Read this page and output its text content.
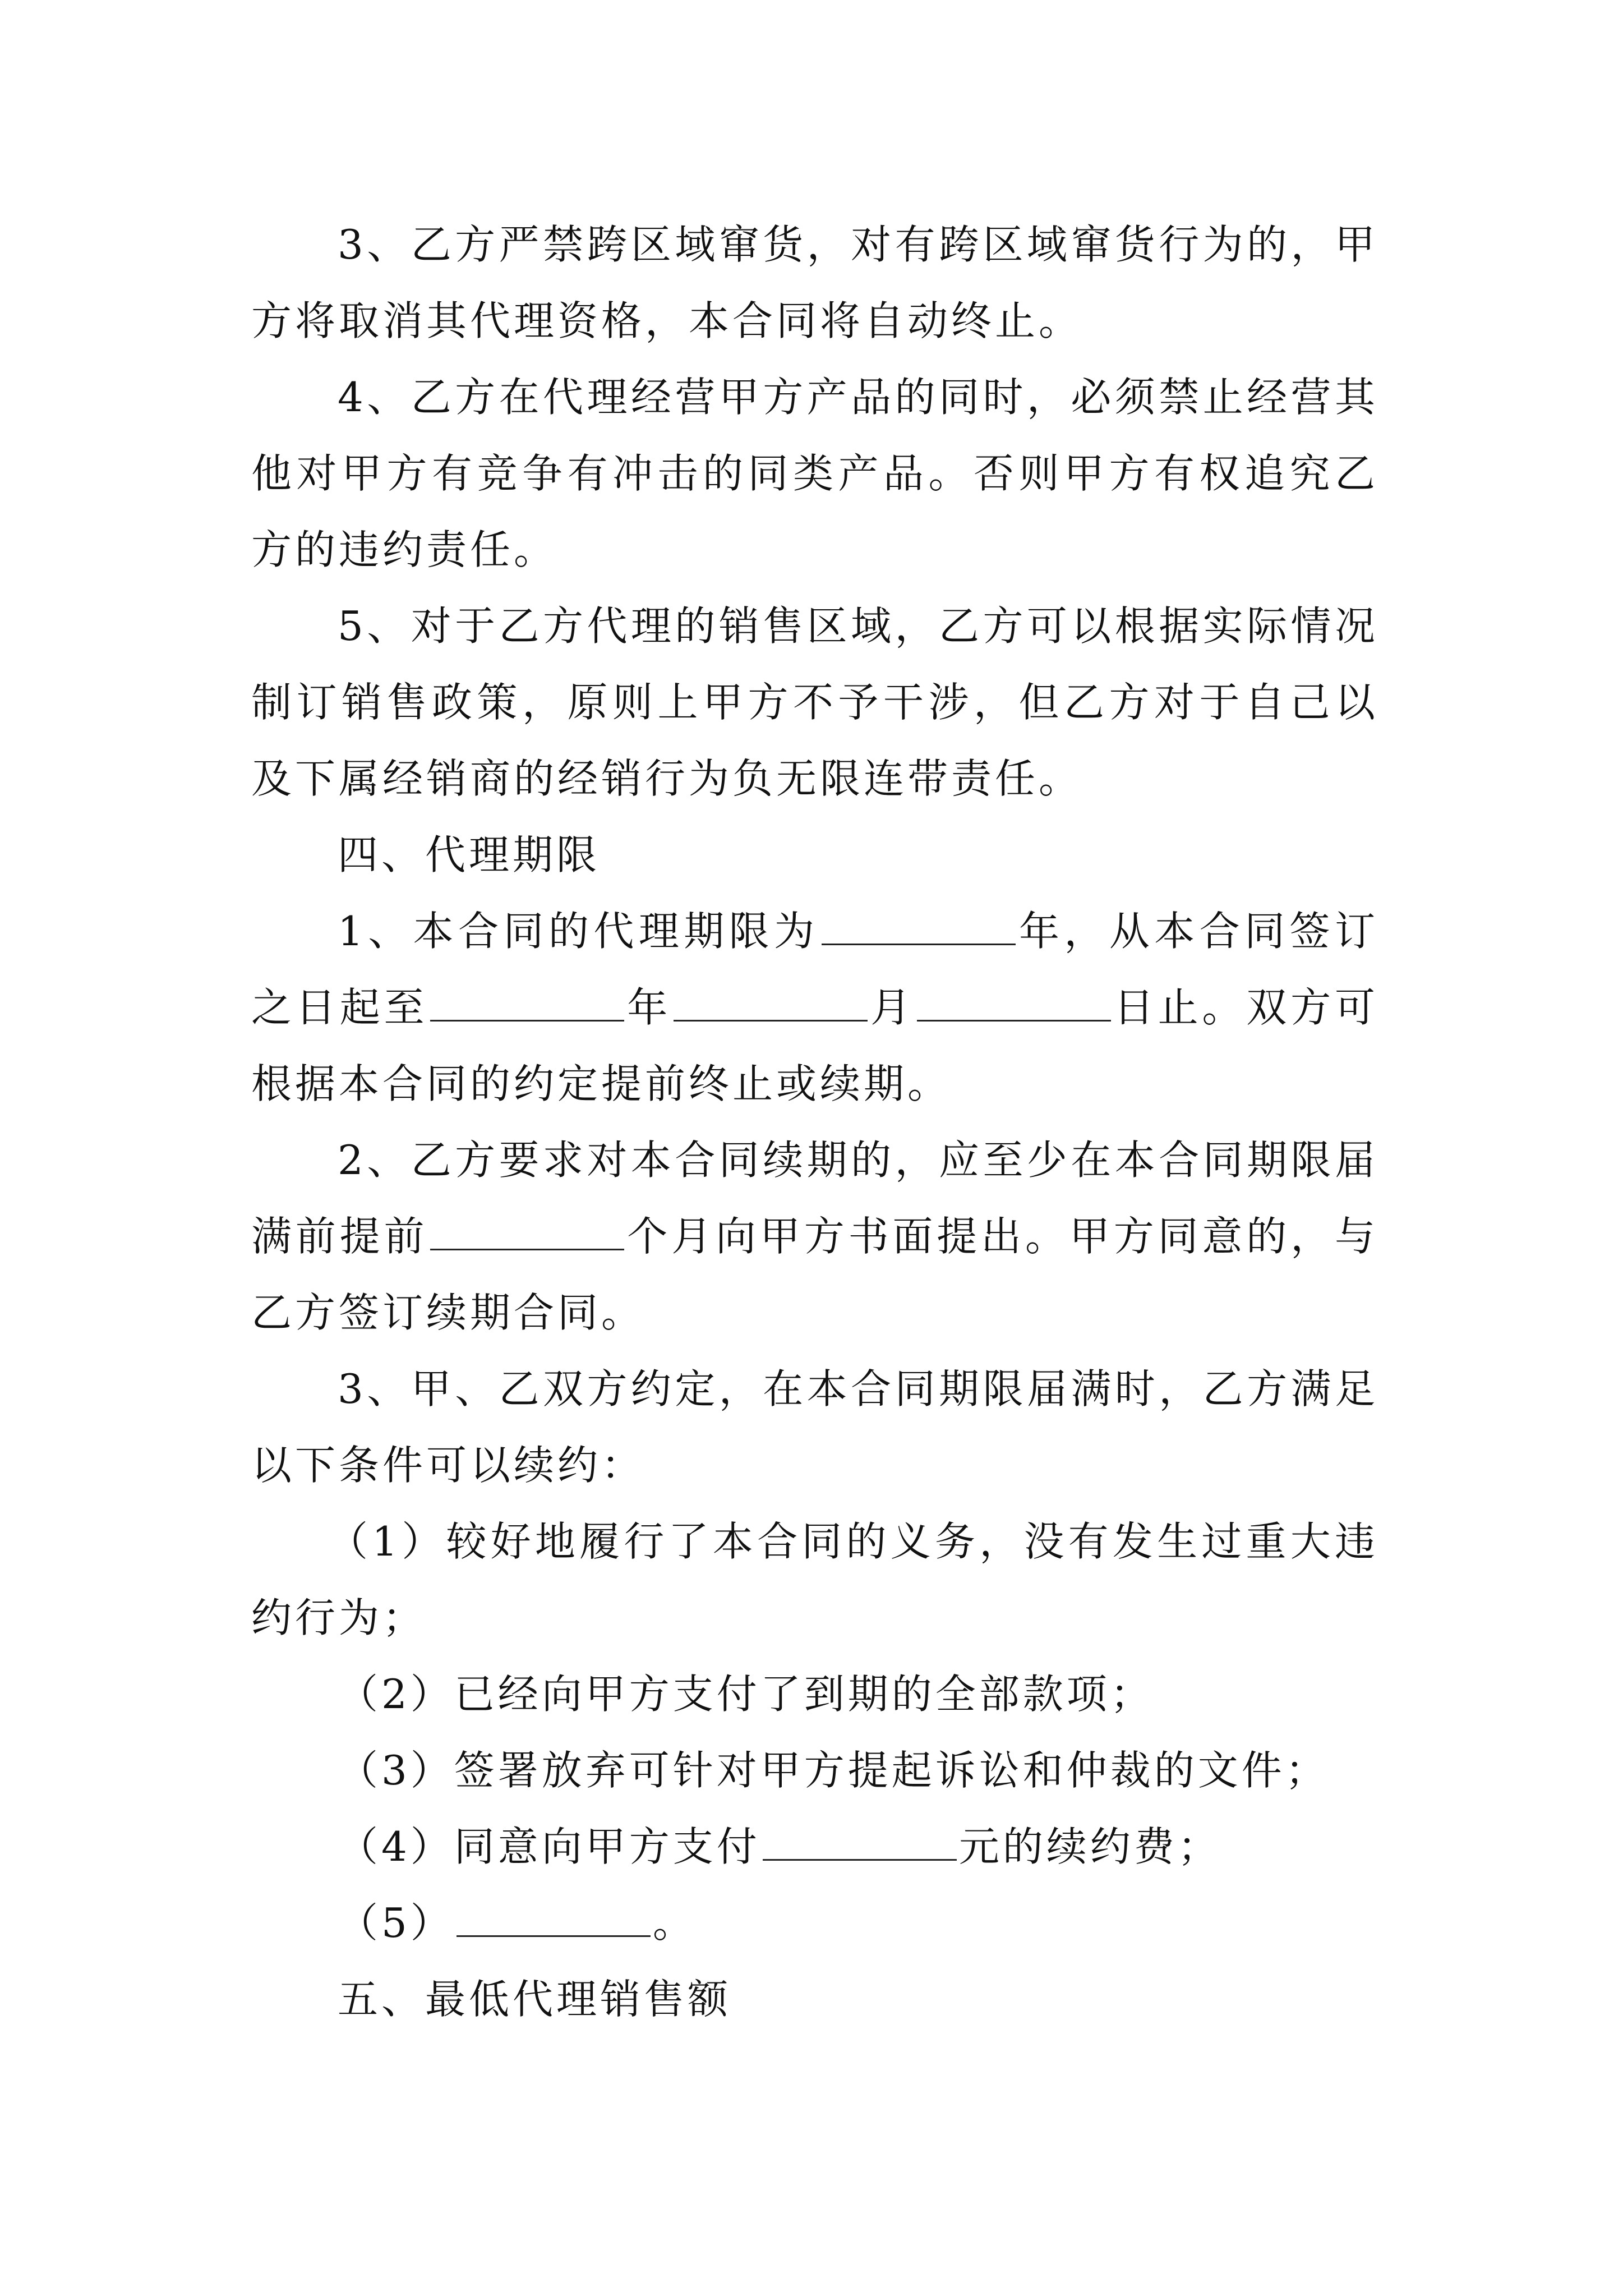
3、乙方严禁跨区域窜货，对有跨区域窜货行为的，甲方将取消其代理资格，本合同将自动终止。

4、乙方在代理经营甲方产品的同时，必须禁止经营其他对甲方有竞争有冲击的同类产品。否则甲方有权追究乙方的违约责任。

5、对于乙方代理的销售区域，乙方可以根据实际情况制订销售政策，原则上甲方不予干涉，但乙方对于自己以及下属经销商的经销行为负无限连带责任。

四、代理期限

1、本合同的代理期限为	年，从本合同签订之日起至	年	月	日止。双方可根据本合同的约定提前终止或续期。

2、乙方要求对本合同续期的，应至少在本合同期限届满前提前	个月向甲方书面提出。甲方同意的，与乙方签订续期合同。

3、甲、乙双方约定，在本合同期限届满时，乙方满足以下条件可以续约：

（1）较好地履行了本合同的义务，没有发生过重大违约行为；

（2）已经向甲方支付了到期的全部款项；

（3）签署放弃可针对甲方提起诉讼和仲裁的文件；

（4）同意向甲方支付	元的续约费；

（5）	。

五、最低代理销售额
